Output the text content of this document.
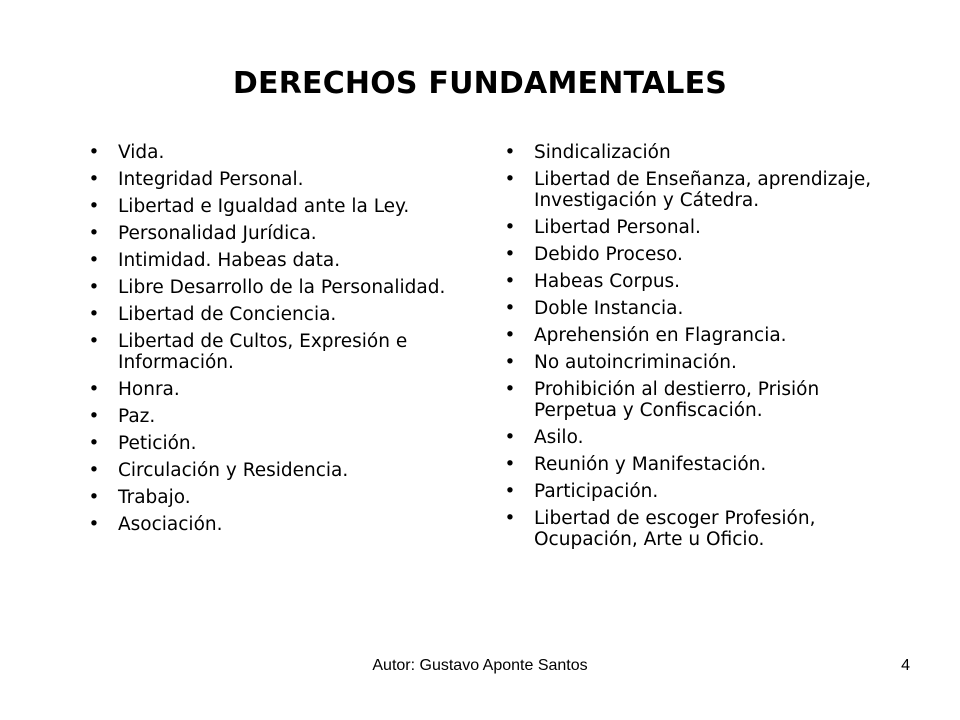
DERECHOS FUNDAMENTALES
• Vida.
• Integridad Personal.
• Libertad e Igualdad ante la Ley.
• Personalidad Jurídica.
• Intimidad. Habeas data.
• Libre Desarrollo de la Personalidad.
• Libertad de Conciencia.
• Libertad de Cultos, Expresión e Información.
• Honra.
• Paz.
• Petición.
• Circulación y Residencia.
• Trabajo.
• Asociación.
• Sindicalización
• Libertad de Enseñanza, aprendizaje, Investigación y Cátedra.
• Libertad Personal.
• Debido Proceso.
• Habeas Corpus.
• Doble Instancia.
• Aprehensión en Flagrancia.
• No autoincriminación.
• Prohibición al destierro, Prisión Perpetua y Confiscación.
• Asilo.
• Reunión y Manifestación.
• Participación.
• Libertad de escoger Profesión, Ocupación, Arte u Oficio.
Autor: Gustavo Aponte Santos	4
